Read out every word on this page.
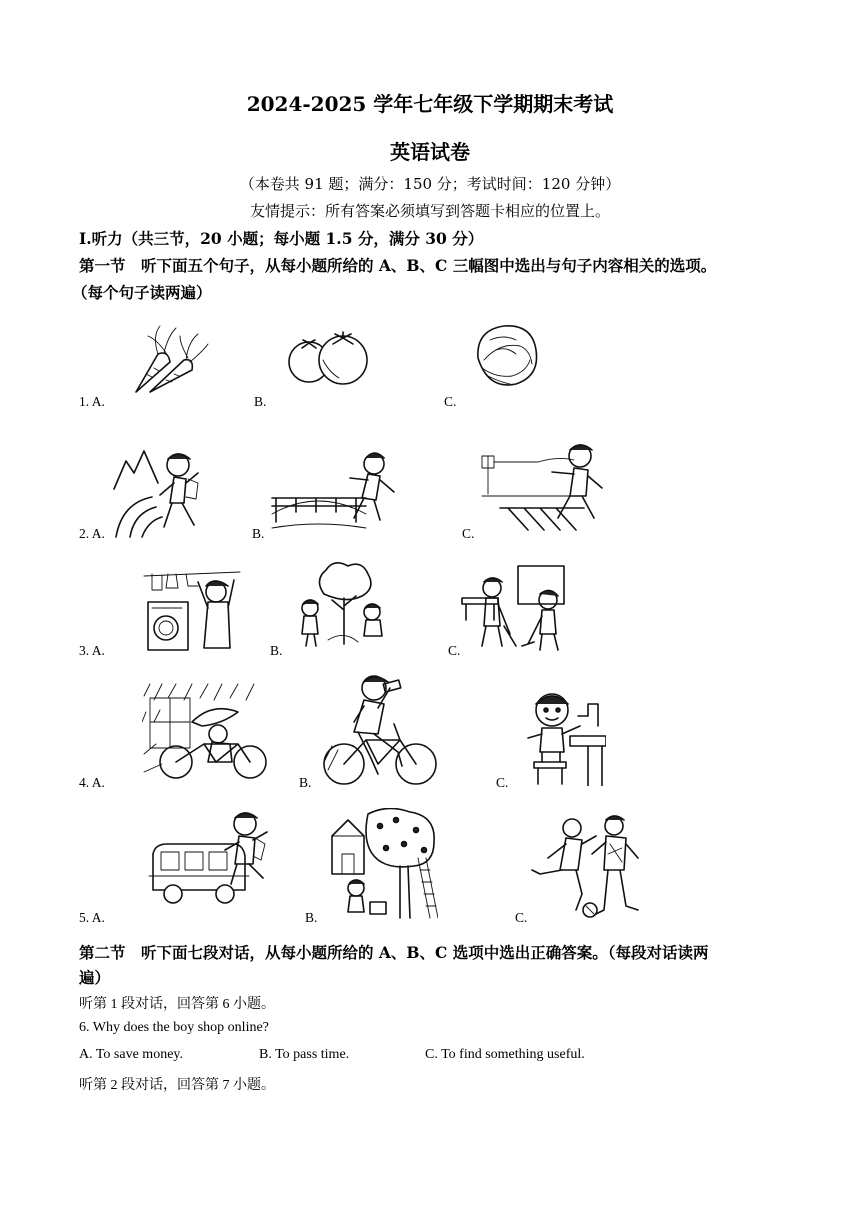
2024-2025 学年七年级下学期期末考试
英语试卷
（本卷共 91 题；满分：150 分；考试时间：120 分钟）
友情提示：所有答案必须填写到答题卡相应的位置上。
Ⅰ.听力（共三节，20 小题；每小题 1.5 分，满分 30 分）
第一节　听下面五个句子，从每小题所给的 A、B、C 三幅图中选出与句子内容相关的选项。
（每个句子读两遍）
1. A.	B.	C.
2. A.	B.	C.
3. A.	B.	C.
4. A.	B.	C.
5. A.	B.	C.
第二节　听下面七段对话，从每小题所给的 A、B、C 选项中选出正确答案。（每段对话读两
遍）
听第 1 段对话，回答第 6 小题。
6. Why does the boy shop online?
A. To save money.	B. To pass time.	C. To find something useful.
听第 2 段对话，回答第 7 小题。
